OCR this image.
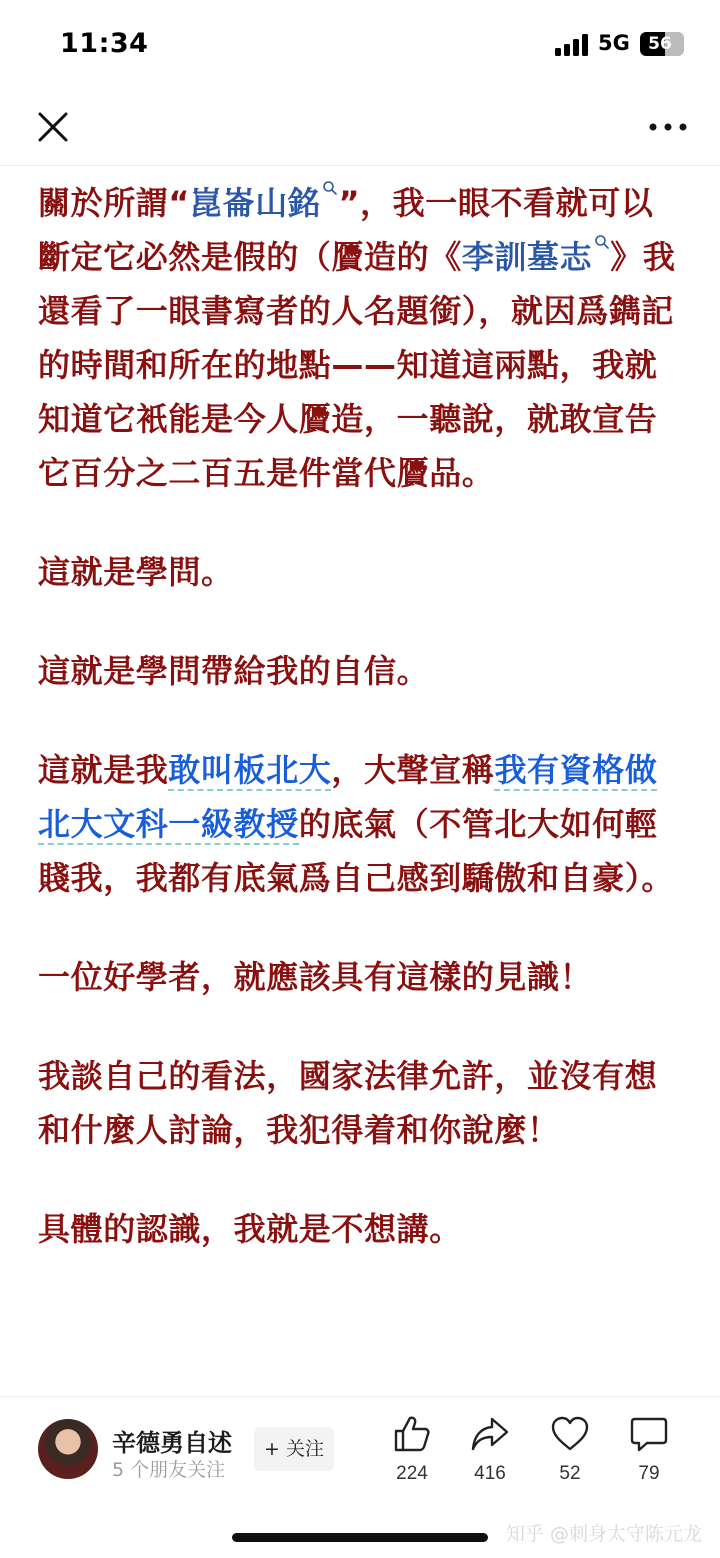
11:34	5G	56

關於所謂“崑崙山銘 ”，我一眼不看就可以斷定它必然是假的（贗造的《李訓墓志 》我還看了一眼書寫者的人名題銜），就因爲鐫記的時間和所在的地點——知道這兩點，我就知道它衹能是今人贗造，一聽說，就敢宣告它百分之二百五是件當代贗品。

這就是學問。

這就是學問帶給我的自信。

這就是我敢叫板北大，大聲宣稱我有資格做北大文科一級教授的底氣（不管北大如何輕賤我，我都有底氣爲自己感到驕傲和自豪）。

一位好學者，就應該具有這樣的見識！

我談自己的看法，國家法律允許，並沒有想和什麼人討論，我犯得着和你說麼！

具體的認識，我就是不想講。

辛德勇自述
5 个朋友关注
+ 关注
224	416	52	79
知乎 @刺身太守陈元龙
